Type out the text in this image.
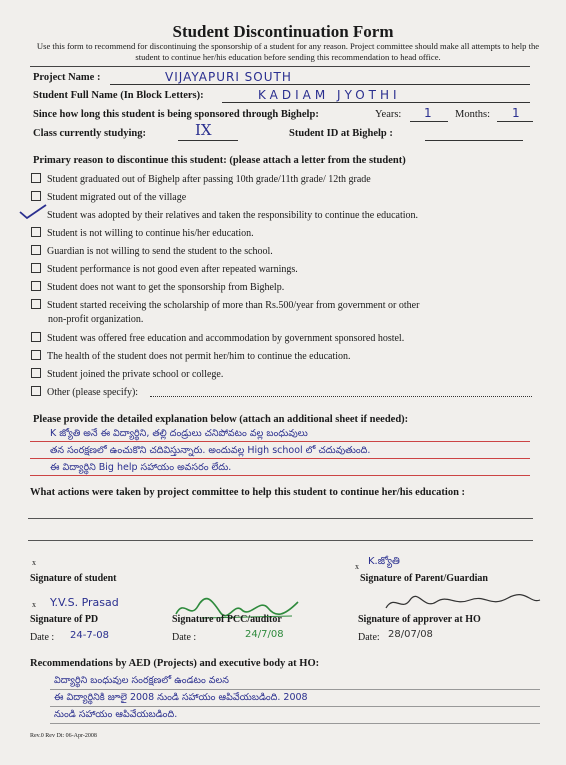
Student Discontinuation Form
Use this form to recommend for discontinuing the sponsorship of a student for any reason. Project committee should make all attempts to help the student to continue her/his education before sending this recommendation to head office.
Project Name :	VIJAYAPURI SOUTH
Student Full Name (In Block Letters):	KADIAM JYOTHI
Since how long this student is being sponsored through Bighelp:	Years: 1 Months: 1
Class currently studying:	IX	Student ID at Bighelp :
Primary reason to discontinue this student: (please attach a letter from the student)
Student graduated out of Bighelp after passing 10th grade/11th grade/ 12th grade
Student migrated out of the village
Student was adopted by their relatives and taken the responsibility to continue the education.
Student is not willing to continue his/her education.
Guardian is not willing to send the student to the school.
Student performance is not good even after repeated warnings.
Student does not want to get the sponsorship from Bighelp.
Student started receiving the scholarship of more than Rs.500/year from government or other
non-profit organization.
Student was offered free education and accommodation by government sponsored hostel.
The health of the student does not permit her/him to continue the education.
Student joined the private school or college.
Other (please specify):
Please provide the detailed explanation below (attach an additional sheet if needed):
K జ్యోతి అనే ఈ విద్యార్థిని, తల్లి దండ్రులు చనిపోవటం వల్ల బంధువులు
తన సంరక్షణలో ఉంచుకొని చదివిస్తున్నారు. అందువల్ల High school లో చదువుతుంది.
ఈ విద్యార్థిని Big help సహాయం అవసరం లేదు.
What actions were taken by project committee to help this student to continue her/his education :
x
Signature of student
x K.జ్యోతి
Signature of Parent/Guardian
x Y.V.S. Prasad
Signature of PD
Date : 24-7-08
Signature of PCC/auditor
Date :	24/7/08
Signature of approver at HO
Date: 28/07/08
Recommendations by AED (Projects) and executive body at HO:
విద్యార్థిని బంధువుల సంరక్షణలో ఉండటం వలన
ఈ విద్యార్థినికి జూలై 2008 నుండి సహాయం ఆపివేయబడింది. 2008
నుండి సహాయం ఆపివేయబడింది.
Rev.0 Rev Dt: 06-Apr-2008
